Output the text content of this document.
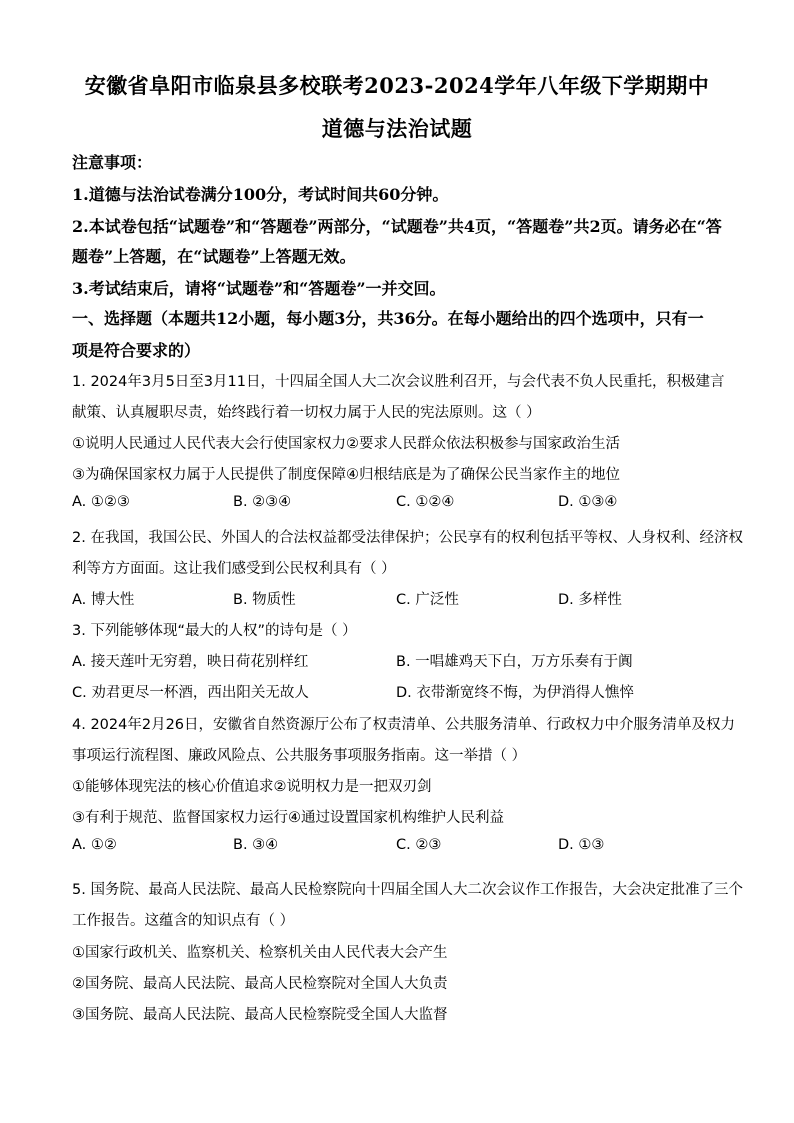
安徽省阜阳市临泉县多校联考2023-2024学年八年级下学期期中
道德与法治试题
注意事项：
1.道德与法治试卷满分100分，考试时间共60分钟。
2.本试卷包括“试题卷”和“答题卷”两部分，“试题卷”共4页，“答题卷”共2页。请务必在“答
题卷”上答题，在“试题卷”上答题无效。
3.考试结束后，请将“试题卷”和“答题卷”一并交回。
一、选择题（本题共12小题，每小题3分，共36分。在每小题给出的四个选项中，只有一
项是符合要求的）
1. 2024年3月5日至3月11日，十四届全国人大二次会议胜利召开，与会代表不负人民重托，积极建言
献策、认真履职尽责，始终践行着一切权力属于人民的宪法原则。这（ ）
①说明人民通过人民代表大会行使国家权力②要求人民群众依法积极参与国家政治生活
③为确保国家权力属于人民提供了制度保障④归根结底是为了确保公民当家作主的地位
A. ①②③	B. ②③④	C. ①②④	D. ①③④
2. 在我国，我国公民、外国人的合法权益都受法律保护；公民享有的权利包括平等权、人身权利、经济权
利等方方面面。这让我们感受到公民权利具有（ ）
A. 博大性	B. 物质性	C. 广泛性	D. 多样性
3. 下列能够体现“最大的人权”的诗句是（ ）
A. 接天莲叶无穷碧，映日荷花别样红	B. 一唱雄鸡天下白，万方乐奏有于阗
C. 劝君更尽一杯酒，西出阳关无故人	D. 衣带渐宽终不悔，为伊消得人憔悴
4. 2024年2月26日，安徽省自然资源厅公布了权责清单、公共服务清单、行政权力中介服务清单及权力
事项运行流程图、廉政风险点、公共服务事项服务指南。这一举措（ ）
①能够体现宪法的核心价值追求②说明权力是一把双刃剑
③有利于规范、监督国家权力运行④通过设置国家机构维护人民利益
A. ①②	B. ③④	C. ②③	D. ①③
5. 国务院、最高人民法院、最高人民检察院向十四届全国人大二次会议作工作报告，大会决定批准了三个
工作报告。这蕴含的知识点有（ ）
①国家行政机关、监察机关、检察机关由人民代表大会产生
②国务院、最高人民法院、最高人民检察院对全国人大负责
③国务院、最高人民法院、最高人民检察院受全国人大监督
